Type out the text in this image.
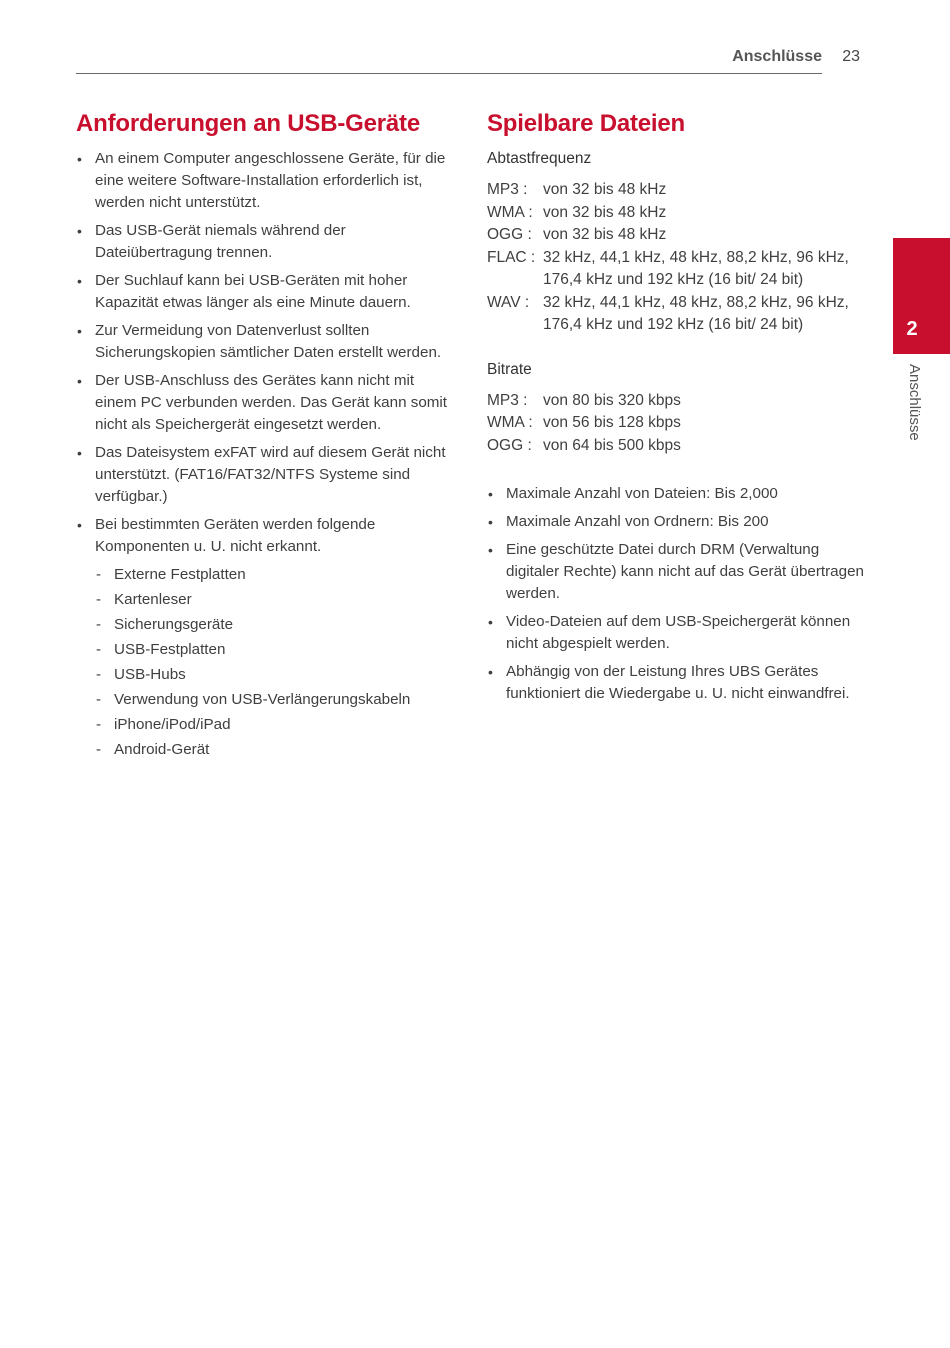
Anschlüsse 23
Anforderungen an USB-Geräte
• An einem Computer angeschlossene Geräte, für die eine weitere Software-Installation erforderlich ist, werden nicht unterstützt.
• Das USB-Gerät niemals während der Dateiübertragung trennen.
• Der Suchlauf kann bei USB-Geräten mit hoher Kapazität etwas länger als eine Minute dauern.
• Zur Vermeidung von Datenverlust sollten Sicherungskopien sämtlicher Daten erstellt werden.
• Der USB-Anschluss des Gerätes kann nicht mit einem PC verbunden werden. Das Gerät kann somit nicht als Speichergerät eingesetzt werden.
• Das Dateisystem exFAT wird auf diesem Gerät nicht unterstützt. (FAT16/FAT32/NTFS Systeme sind verfügbar.)
• Bei bestimmten Geräten werden folgende Komponenten u. U. nicht erkannt.
- Externe Festplatten
- Kartenleser
- Sicherungsgeräte
- USB-Festplatten
- USB-Hubs
- Verwendung von USB-Verlängerungskabeln
- iPhone/iPod/iPad
- Android-Gerät
Spielbare Dateien
Abtastfrequenz
MP3 :	von 32 bis 48 kHz
WMA :	von 32 bis 48 kHz
OGG :	von 32 bis 48 kHz
FLAC :	32 kHz, 44,1 kHz, 48 kHz, 88,2 kHz, 96 kHz, 176,4 kHz und 192 kHz (16 bit/ 24 bit)
WAV :	32 kHz, 44,1 kHz, 48 kHz, 88,2 kHz, 96 kHz, 176,4 kHz und 192 kHz (16 bit/ 24 bit)
Bitrate
MP3 :	von 80 bis 320 kbps
WMA :	von 56 bis 128 kbps
OGG :	von 64 bis 500 kbps
• Maximale Anzahl von Dateien: Bis 2,000
• Maximale Anzahl von Ordnern: Bis 200
• Eine geschützte Datei durch DRM (Verwaltung digitaler Rechte) kann nicht auf das Gerät übertragen werden.
• Video-Dateien auf dem USB-Speichergerät können nicht abgespielt werden.
• Abhängig von der Leistung Ihres UBS Gerätes funktioniert die Wiedergabe u. U. nicht einwandfrei.
2
Anschlüsse
